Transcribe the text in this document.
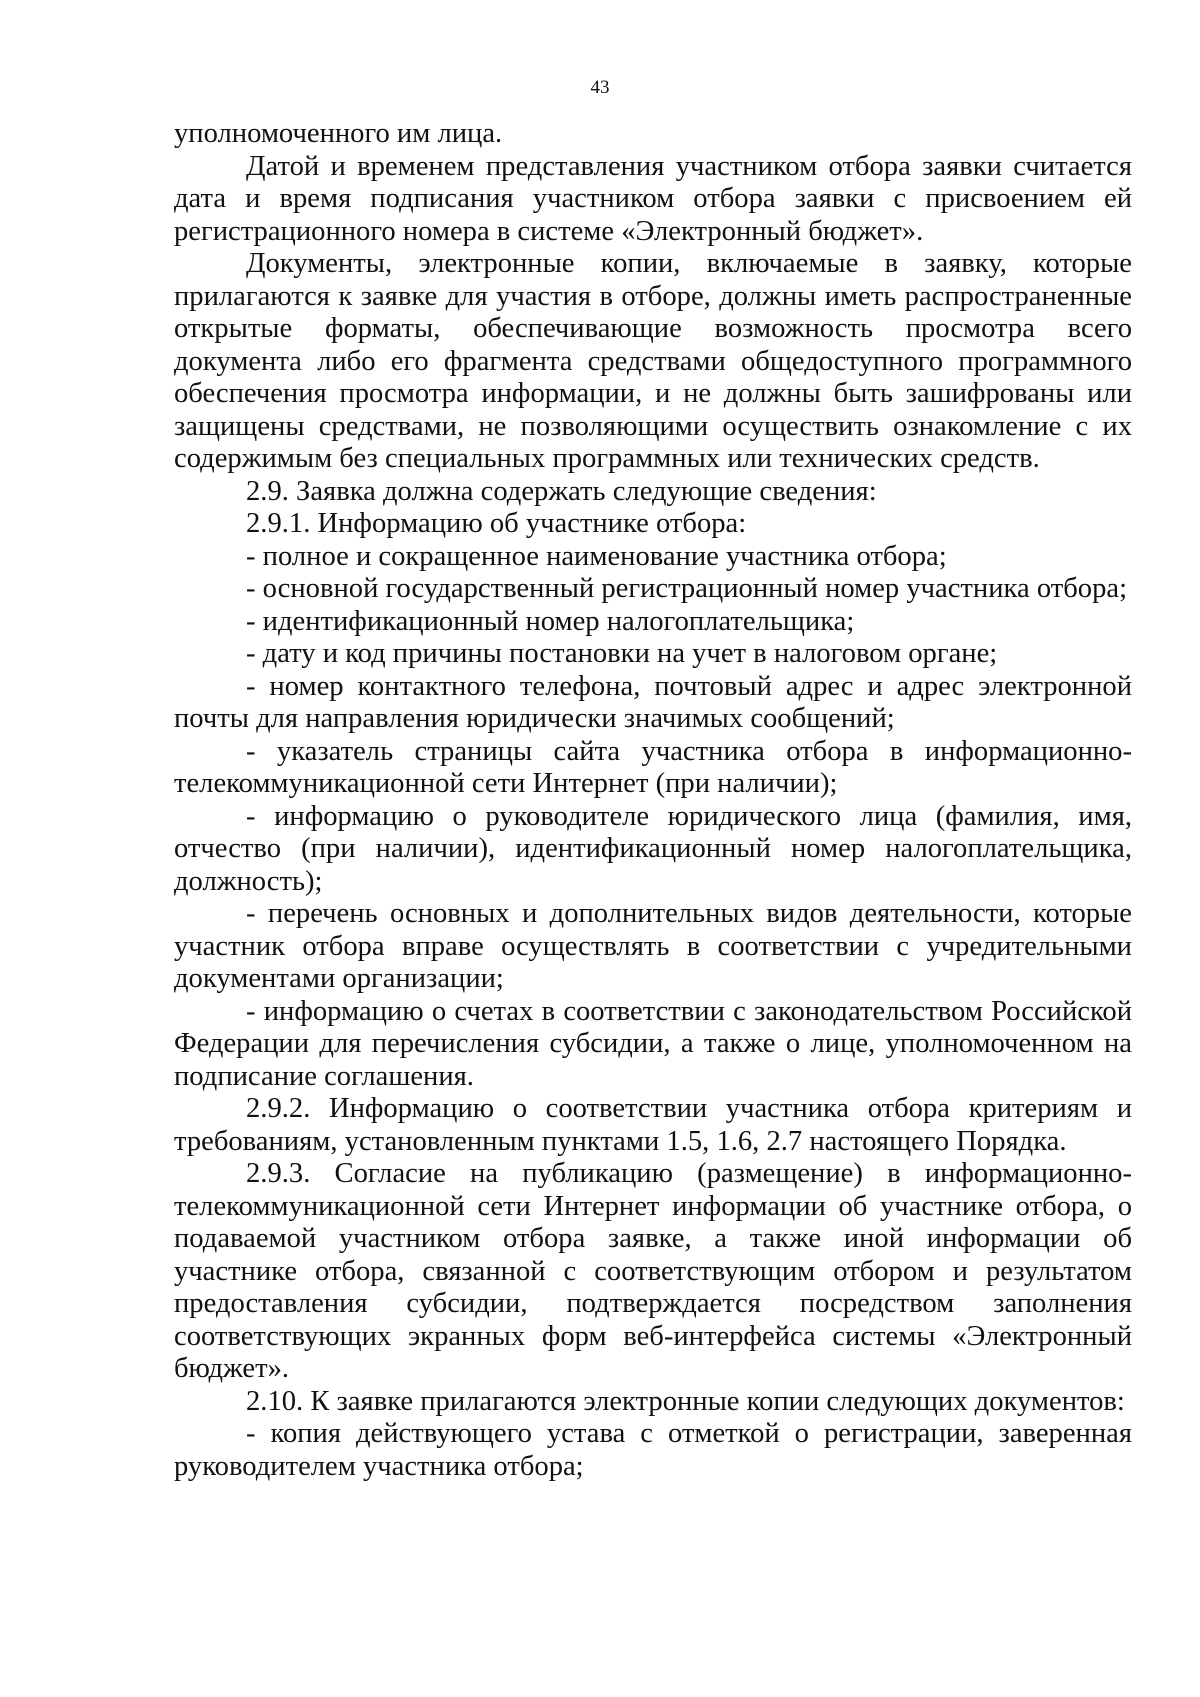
43

уполномоченного им лица.

Датой и временем представления участником отбора заявки считается дата и время подписания участником отбора заявки с присвоением ей регистрационного номера в системе «Электронный бюджет».

Документы, электронные копии, включаемые в заявку, которые прилагаются к заявке для участия в отборе, должны иметь распространенные открытые форматы, обеспечивающие возможность просмотра всего документа либо его фрагмента средствами общедоступного программного обеспечения просмотра информации, и не должны быть зашифрованы или защищены средствами, не позволяющими осуществить ознакомление с их содержимым без специальных программных или технических средств.

2.9. Заявка должна содержать следующие сведения:

2.9.1. Информацию об участнике отбора:

- полное и сокращенное наименование участника отбора;

- основной государственный регистрационный номер участника отбора;

- идентификационный номер налогоплательщика;

- дату и код причины постановки на учет в налоговом органе;

- номер контактного телефона, почтовый адрес и адрес электронной почты для направления юридически значимых сообщений;

- указатель страницы сайта участника отбора в информационно-телекоммуникационной сети Интернет (при наличии);

- информацию о руководителе юридического лица (фамилия, имя, отчество (при наличии), идентификационный номер налогоплательщика, должность);

- перечень основных и дополнительных видов деятельности, которые участник отбора вправе осуществлять в соответствии с учредительными документами организации;

- информацию о счетах в соответствии с законодательством Российской Федерации для перечисления субсидии, а также о лице, уполномоченном на подписание соглашения.

2.9.2. Информацию о соответствии участника отбора критериям и требованиям, установленным пунктами 1.5, 1.6, 2.7 настоящего Порядка.

2.9.3. Согласие на публикацию (размещение) в информационно-телекоммуникационной сети Интернет информации об участнике отбора, о подаваемой участником отбора заявке, а также иной информации об участнике отбора, связанной с соответствующим отбором и результатом предоставления субсидии, подтверждается посредством заполнения соответствующих экранных форм веб-интерфейса системы «Электронный бюджет».

2.10. К заявке прилагаются электронные копии следующих документов:

- копия действующего устава с отметкой о регистрации, заверенная руководителем участника отбора;
